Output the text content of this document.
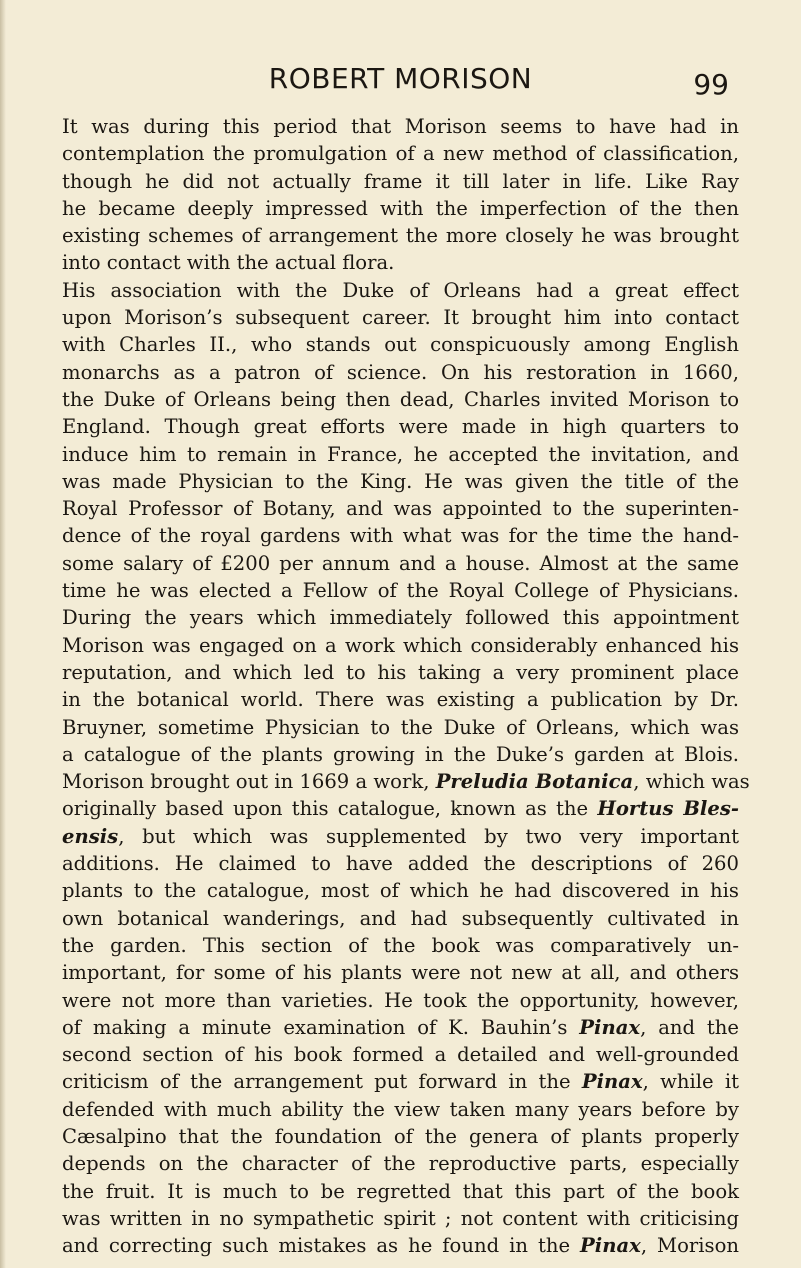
ROBERT MORISON	99
It was during this period that Morison seems to have had in
contemplation the promulgation of a new method of classification,
though he did not actually frame it till later in life. Like Ray
he became deeply impressed with the imperfection of the then
existing schemes of arrangement the more closely he was brought
into contact with the actual flora.
His association with the Duke of Orleans had a great effect
upon Morison’s subsequent career. It brought him into contact
with Charles II., who stands out conspicuously among English
monarchs as a patron of science. On his restoration in 1660,
the Duke of Orleans being then dead, Charles invited Morison to
England. Though great efforts were made in high quarters to
induce him to remain in France, he accepted the invitation, and
was made Physician to the King. He was given the title of the
Royal Professor of Botany, and was appointed to the superinten-
dence of the royal gardens with what was for the time the hand-
some salary of £200 per annum and a house. Almost at the same
time he was elected a Fellow of the Royal College of Physicians.
During the years which immediately followed this appointment
Morison was engaged on a work which considerably enhanced his
reputation, and which led to his taking a very prominent place
in the botanical world. There was existing a publication by Dr.
Bruyner, sometime Physician to the Duke of Orleans, which was
a catalogue of the plants growing in the Duke’s garden at Blois.
Morison brought out in 1669 a work, Preludia Botanica, which was
originally based upon this catalogue, known as the Hortus Bles-
ensis, but which was supplemented by two very important
additions. He claimed to have added the descriptions of 260
plants to the catalogue, most of which he had discovered in his
own botanical wanderings, and had subsequently cultivated in
the garden. This section of the book was comparatively un-
important, for some of his plants were not new at all, and others
were not more than varieties. He took the opportunity, however,
of making a minute examination of K. Bauhin’s Pinax, and the
second section of his book formed a detailed and well-grounded
criticism of the arrangement put forward in the Pinax, while it
defended with much ability the view taken many years before by
Cæsalpino that the foundation of the genera of plants properly
depends on the character of the reproductive parts, especially
the fruit. It is much to be regretted that this part of the book
was written in no sympathetic spirit ; not content with criticising
and correcting such mistakes as he found in the Pinax, Morison
